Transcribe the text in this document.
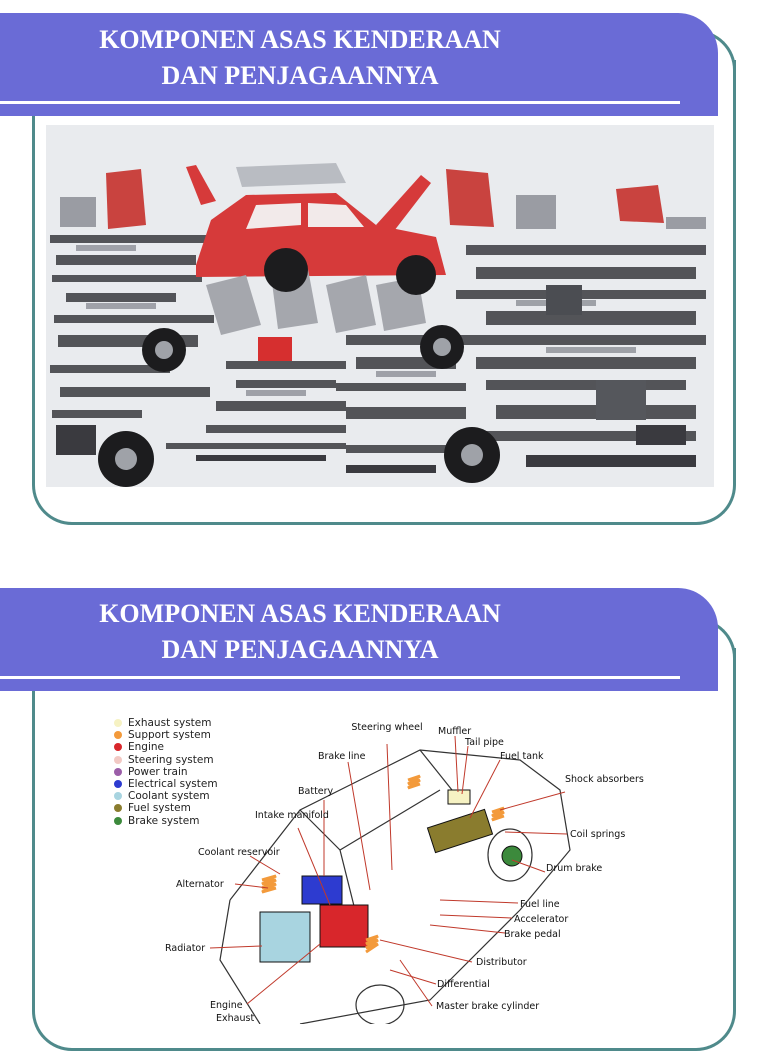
KOMPONEN ASAS KENDERAAN
DAN PENJAGAANNYA
KOMPONEN ASAS KENDERAAN
DAN PENJAGAANNYA
Exhaust system
Support system
Engine
Steering system
Power train
Electrical system
Coolant system
Fuel system
Brake system
Steering wheel Muffler
Tail pipe
Fuel tank
Brake line
Battery
Shock absorbers
Intake manifold
Coil springs
Coolant reservoir
Drum brake
Alternator
Fuel line
Accelerator
Brake pedal
Radiator
Distributor
Differential
Engine
Exhaust
Master brake cylinder
